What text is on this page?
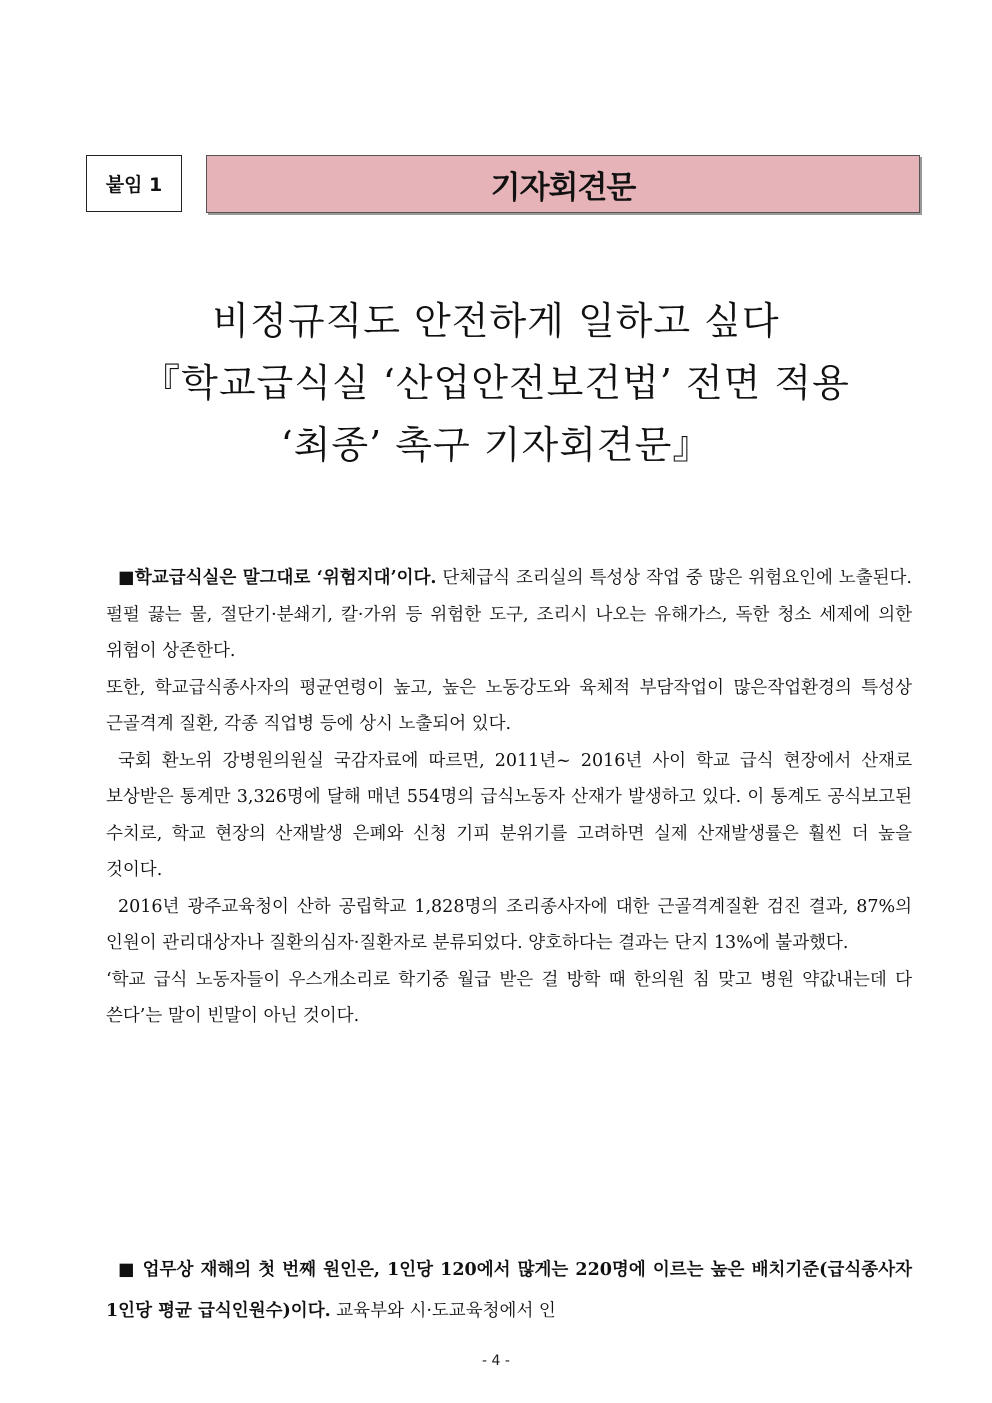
붙임 1	기자회견문
비정규직도 안전하게 일하고 싶다
『학교급식실 ‘산업안전보건법’ 전면 적용
‘최종’ 촉구 기자회견문』

■학교급식실은 말그대로 ‘위험지대’이다. 단체급식 조리실의 특성상 작업 중 많은 위험요인에 노출된다. 펄펄 끓는 물, 절단기·분쇄기, 칼·가위 등 위험한 도구, 조리시 나오는 유해가스, 독한 청소 세제에 의한 위험이 상존한다.

또한, 학교급식종사자의 평균연령이 높고, 높은 노동강도와 육체적 부담작업이 많은작업환경의 특성상 근골격계 질환, 각종 직업병 등에 상시 노출되어 있다.

국회 환노위 강병원의원실 국감자료에 따르면, 2011년~ 2016년 사이 학교 급식 현장에서 산재로 보상받은 통계만 3,326명에 달해 매년 554명의 급식노동자 산재가 발생하고 있다. 이 통계도 공식보고된 수치로, 학교 현장의 산재발생 은폐와 신청 기피 분위기를 고려하면 실제 산재발생률은 훨씬 더 높을 것이다.

2016년 광주교육청이 산하 공립학교 1,828명의 조리종사자에 대한 근골격계질환 검진 결과, 87%의 인원이 관리대상자나 질환의심자·질환자로 분류되었다. 양호하다는 결과는 단지 13%에 불과했다.

‘학교 급식 노동자들이 우스개소리로 학기중 월급 받은 걸 방학 때 한의원 침 맞고 병원 약값내는데 다 쓴다’는 말이 빈말이 아닌 것이다.

■ 업무상 재해의 첫 번째 원인은, 1인당 120에서 많게는 220명에 이르는 높은 배치기준(급식종사자 1인당 평균 급식인원수)이다. 교육부와 시·도교육청에서 인

- 4 -
